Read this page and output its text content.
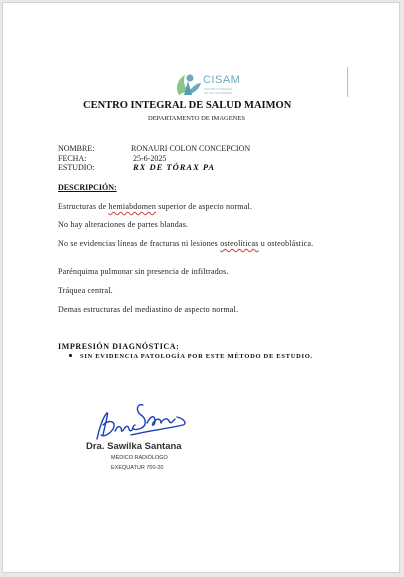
CISAM
CENTRO INTEGRAL DE SALUD MAIMON
CENTRO INTEGRAL DE SALUD MAIMON
DEPARTAMENTO DE IMAGENES
NOMBRE:	RONAURI COLON CONCEPCION
FECHA:	25-6-2025
ESTUDIO:	RX DE TÓRAX PA
DESCRIPCIÓN:
Estructuras de hemiabdomen superior de aspecto normal.
No hay alteraciones de partes blandas.
No se evidencias líneas de fracturas ni lesiones osteolíticas u osteoblástica.
Parénquima pulmonar sin presencia de infiltrados.
Tráquea central.
Demas estructuras del mediastino de aspecto normal.
IMPRESIÓN DIAGNÓSTICA:
SIN EVIDENCIA PATOLOGÍA POR ESTE MÉTODO DE ESTUDIO.
Dra. Sawilka Santana
MÉDICO RADIÓLOGO
EXEQUATUR 700-20
